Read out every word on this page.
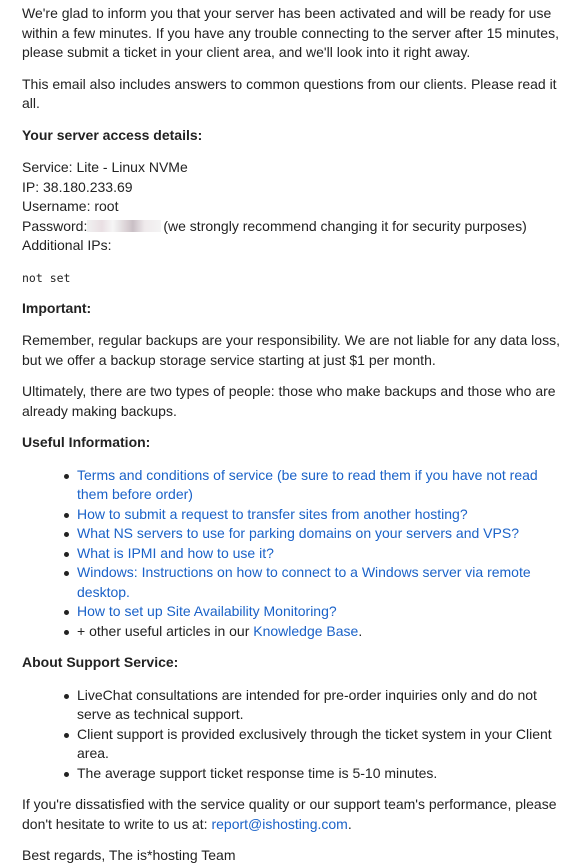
We're glad to inform you that your server has been activated and will be ready for use within a few minutes. If you have any trouble connecting to the server after 15 minutes, please submit a ticket in your client area, and we'll look into it right away.

This email also includes answers to common questions from our clients. Please read it all.

Your server access details:

Service: Lite - Linux NVMe
IP: 38.180.233.69
Username: root
Password:	(we strongly recommend changing it for security purposes)
Additional IPs:
not set

Important:

Remember, regular backups are your responsibility. We are not liable for any data loss, but we offer a backup storage service starting at just $1 per month.

Ultimately, there are two types of people: those who make backups and those who are already making backups.

Useful Information:

Terms and conditions of service (be sure to read them if you have not read them before order)
How to submit a request to transfer sites from another hosting?
What NS servers to use for parking domains on your servers and VPS?
What is IPMI and how to use it?
Windows: Instructions on how to connect to a Windows server via remote desktop.
How to set up Site Availability Monitoring?
+ other useful articles in our Knowledge Base.

About Support Service:

LiveChat consultations are intended for pre-order inquiries only and do not serve as technical support.
Client support is provided exclusively through the ticket system in your Client area.
The average support ticket response time is 5-10 minutes.

If you're dissatisfied with the service quality or our support team's performance, please don't hesitate to write to us at: report@ishosting.com.

Best regards, The is*hosting Team
